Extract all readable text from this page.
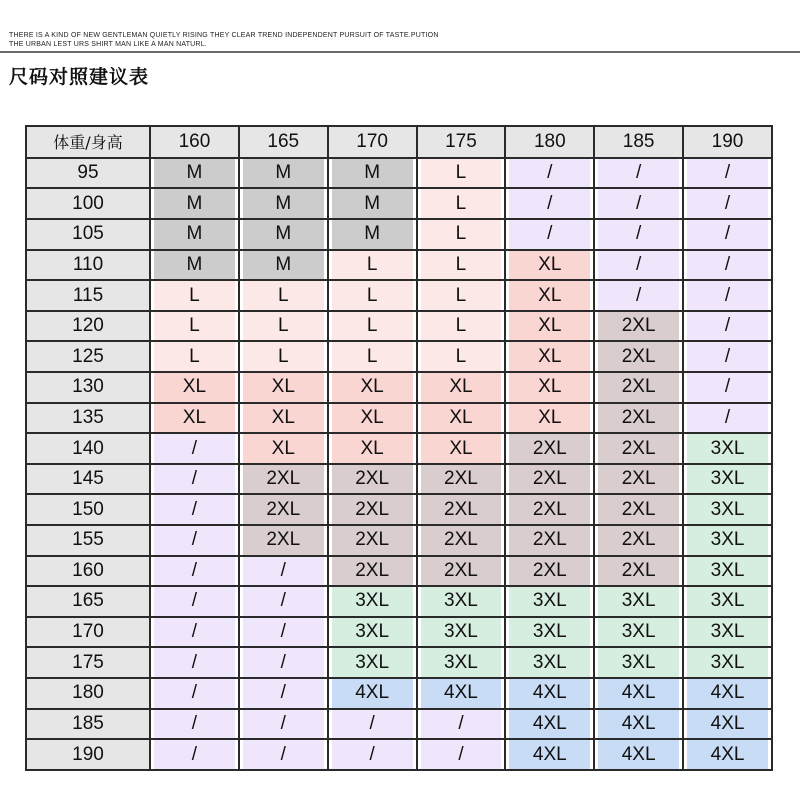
THERE IS A KIND OF NEW GENTLEMAN QUIETLY RISING THEY CLEAR TREND INDEPENDENT PURSUIT OF TASTE.PUTION
THE URBAN LEST URS SHIRT MAN LIKE A MAN NATURL.
尺码对照建议表
体重/身高	160	165	170	175	180	185	190

95	M	M	M	L	/	/	/

100	M	M	M	L	/	/	/

105	M	M	M	L	/	/	/

110	M	M	L	L	XL	/	/

115	L	L	L	L	XL	/	/

120	L	L	L	L	XL	2XL	/

125	L	L	L	L	XL	2XL	/

130	XL	XL	XL	XL	XL	2XL	/

135	XL	XL	XL	XL	XL	2XL	/

140	/	XL	XL	XL	2XL	2XL	3XL

145	/	2XL	2XL	2XL	2XL	2XL	3XL

150	/	2XL	2XL	2XL	2XL	2XL	3XL

155	/	2XL	2XL	2XL	2XL	2XL	3XL

160	/	/	2XL	2XL	2XL	2XL	3XL

165	/	/	3XL	3XL	3XL	3XL	3XL

170	/	/	3XL	3XL	3XL	3XL	3XL

175	/	/	3XL	3XL	3XL	3XL	3XL

180	/	/	4XL	4XL	4XL	4XL	4XL

185	/	/	/	/	4XL	4XL	4XL

190	/	/	/	/	4XL	4XL	4XL
